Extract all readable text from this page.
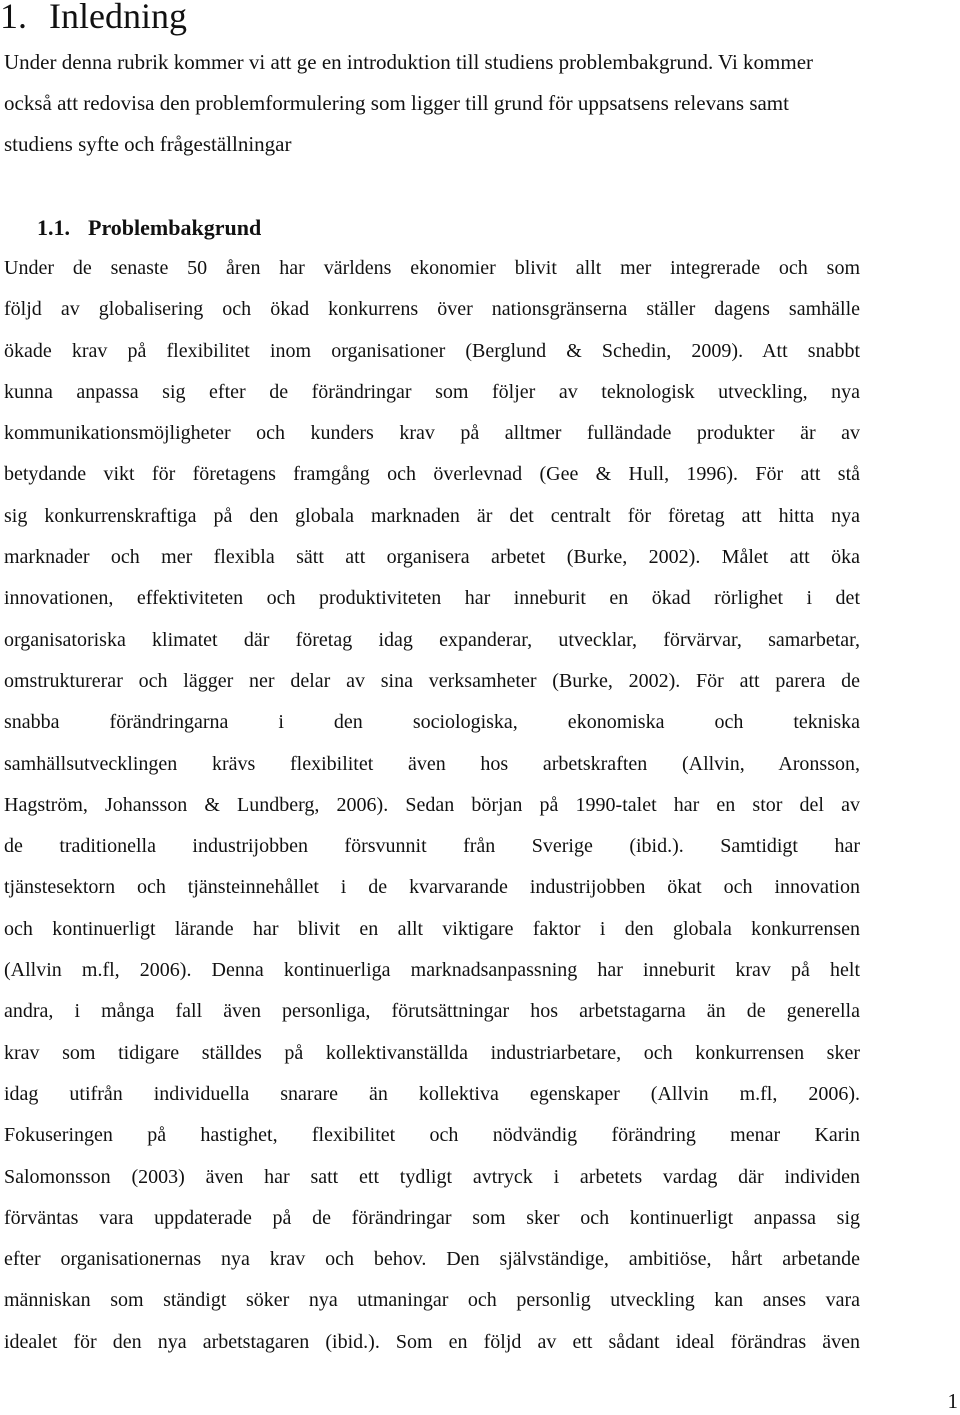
1. Inledning

Under denna rubrik kommer vi att ge en introduktion till studiens problembakgrund. Vi kommer också att redovisa den problemformulering som ligger till grund för uppsatsens relevans samt studiens syfte och frågeställningar

1.1. Problembakgrund
Under de senaste 50 åren har världens ekonomier blivit allt mer integrerade och som
följd av globalisering och ökad konkurrens över nationsgränserna ställer dagens samhälle
ökade krav på flexibilitet inom organisationer (Berglund & Schedin, 2009). Att snabbt
kunna anpassa sig efter de förändringar som följer av teknologisk utveckling, nya
kommunikationsmöjligheter och kunders krav på alltmer fulländade produkter är av
betydande vikt för företagens framgång och överlevnad (Gee & Hull, 1996). För att stå
sig konkurrenskraftiga på den globala marknaden är det centralt för företag att hitta nya
marknader och mer flexibla sätt att organisera arbetet (Burke, 2002). Målet att öka
innovationen, effektiviteten och produktiviteten har inneburit en ökad rörlighet i det
organisatoriska klimatet där företag idag expanderar, utvecklar, förvärvar, samarbetar,
omstrukturerar och lägger ner delar av sina verksamheter (Burke, 2002). För att parera de
snabba förändringarna i den sociologiska, ekonomiska och tekniska
samhällsutvecklingen krävs flexibilitet även hos arbetskraften (Allvin, Aronsson,
Hagström, Johansson & Lundberg, 2006). Sedan början på 1990-talet har en stor del av
de traditionella industrijobben försvunnit från Sverige (ibid.). Samtidigt har
tjänstesektorn och tjänsteinnehållet i de kvarvarande industrijobben ökat och innovation
och kontinuerligt lärande har blivit en allt viktigare faktor i den globala konkurrensen
(Allvin m.fl, 2006). Denna kontinuerliga marknadsanpassning har inneburit krav på helt
andra, i många fall även personliga, förutsättningar hos arbetstagarna än de generella
krav som tidigare ställdes på kollektivanställda industriarbetare, och konkurrensen sker
idag utifrån individuella snarare än kollektiva egenskaper (Allvin m.fl, 2006).
Fokuseringen på hastighet, flexibilitet och nödvändig förändring menar Karin
Salomonsson (2003) även har satt ett tydligt avtryck i arbetets vardag där individen
förväntas vara uppdaterade på de förändringar som sker och kontinuerligt anpassa sig
efter organisationernas nya krav och behov. Den självständige, ambitiöse, hårt arbetande
människan som ständigt söker nya utmaningar och personlig utveckling kan anses vara
idealet för den nya arbetstagaren (ibid.). Som en följd av ett sådant ideal förändras även
1
